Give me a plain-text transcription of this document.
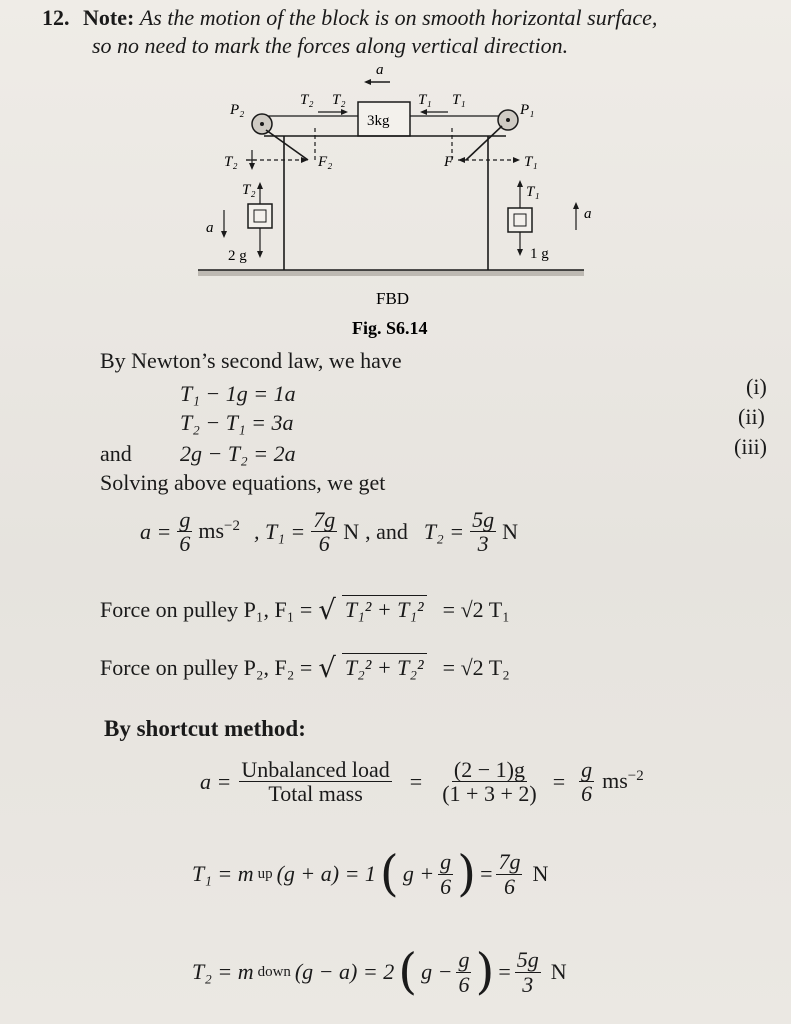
12. Note: As the motion of the block is on smooth horizontal surface,
so no need to mark the forces along vertical direction.
a
T₂ T₂	T₁ T₁
3kg
P₂	P₁
T₂	F₂	F	T₁
T₂
2 g
a
T₁
1 g
a
FBD
Fig. S6.14
By Newton’s second law, we have
T₁ − 1g = 1a	(i)
T₂ − T₁ = 3a	(ii)
and 2g − T₂ = 2a	(iii)
Solving above equations, we get
$a = \frac{g}{6} ms^{-2}$ , $T_1 = \frac{7g}{6}$ N , and $T_2 = \frac{5g}{3}$ N
Force on pulley P₁, F₁ = √ T₁² + T₁² = √2 T₁
Force on pulley P₂, F₂ = √ T₂² + T₂² = √2 T₂
By shortcut method:
$a = \frac{\text{Unbalanced load}}{\text{Total mass}} = \frac{(2 - 1)g}{(1 + 3 + 2)} = \frac{g}{6} ms^{-2}$
T₁ = m up (g + a) = 1 ( $g + \frac{g}{6}$ ) = $\frac{7g}{6}$ N
T₂ = m down (g − a) = 2 ( $g - \frac{g}{6}$ ) = $\frac{5g}{3}$ N
